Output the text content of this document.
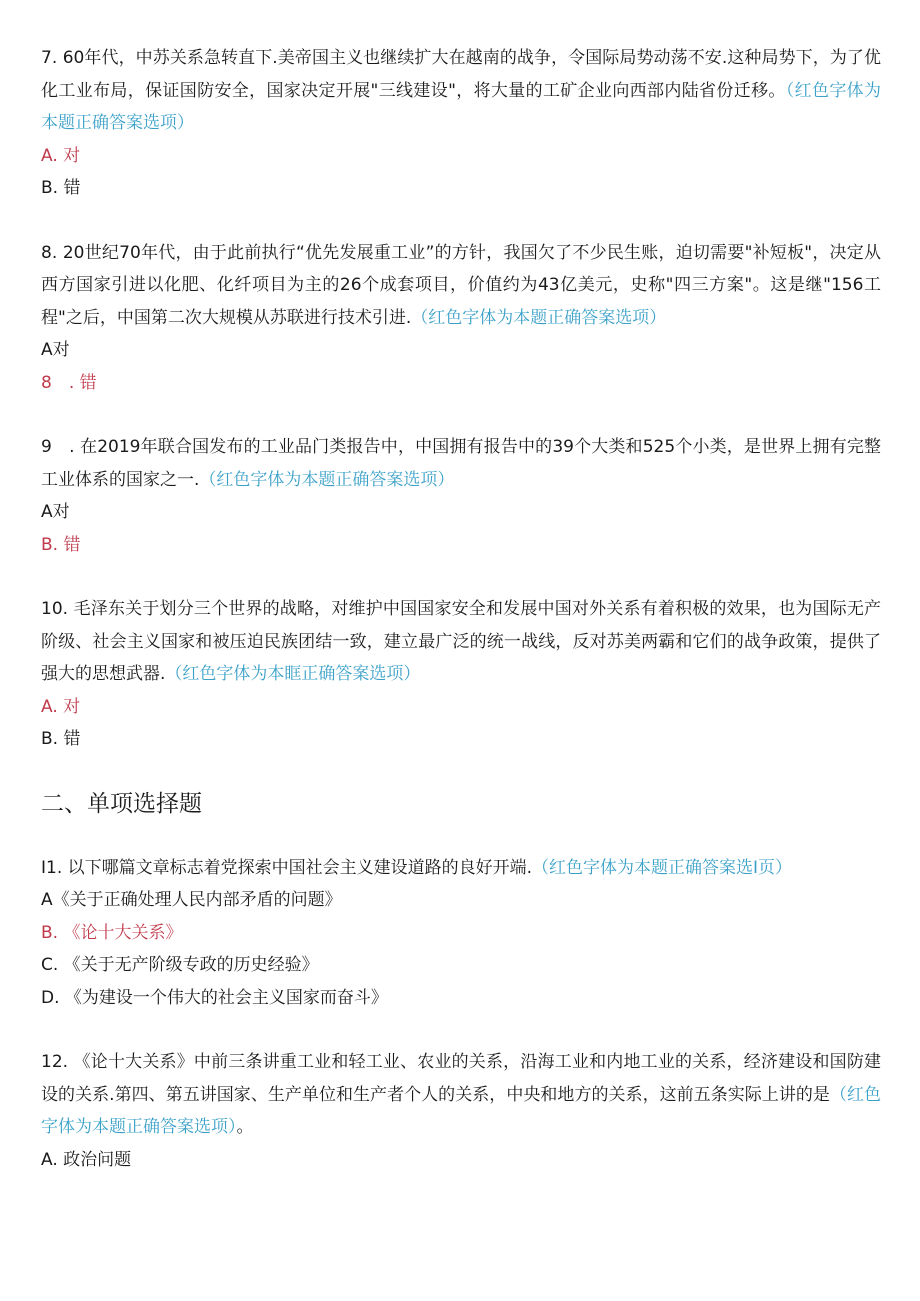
7. 60年代，中苏关系急转直下.美帝国主义也继续扩大在越南的战争，令国际局势动荡不安.这种局势下，为了优化工业布局，保证国防安全，国家决定开展"三线建设"，将大量的工矿企业向西部内陆省份迁移。（红色字体为本题正确答案选项）

A. 对

B. 错

8. 20世纪70年代，由于此前执行“优先发展重工业”的方针，我国欠了不少民生账，迫切需要"补短板"，决定从西方国家引进以化肥、化纤项目为主的26个成套项目，价值约为43亿美元，史称"四三方案"。这是继"156工程"之后，中国第二次大规模从苏联进行技术引进.（红色字体为本题正确答案选项）

A对

8　. 错

9　. 在2019年联合国发布的工业品门类报告中，中国拥有报告中的39个大类和525个小类，是世界上拥有完整工业体系的国家之一.（红色字体为本题正确答案选项）

A对

B. 错

10. 毛泽东关于划分三个世界的战略，对维护中国国家安全和发展中国对外关系有着积极的效果，也为国际无产阶级、社会主义国家和被压迫民族团结一致，建立最广泛的统一战线，反对苏美两霸和它们的战争政策，提供了强大的思想武器.（红色字体为本眶正确答案选项）

A. 对

B. 错

二、单项选择题

I1. 以下哪篇文章标志着党探索中国社会主义建设道路的良好开端.（红色字体为本题正确答案选I页）

A《关于正确处理人民内部矛盾的问题》

B. 《论十大关系》

C. 《关于无产阶级专政的历史经验》

D. 《为建设一个伟大的社会主义国家而奋斗》

12. 《论十大关系》中前三条讲重工业和轻工业、农业的关系，沿海工业和内地工业的关系，经济建设和国防建设的关系.第四、第五讲国家、生产单位和生产者个人的关系，中央和地方的关系，这前五条实际上讲的是（红色字体为本题正确答案选项）。

A. 政治问题
